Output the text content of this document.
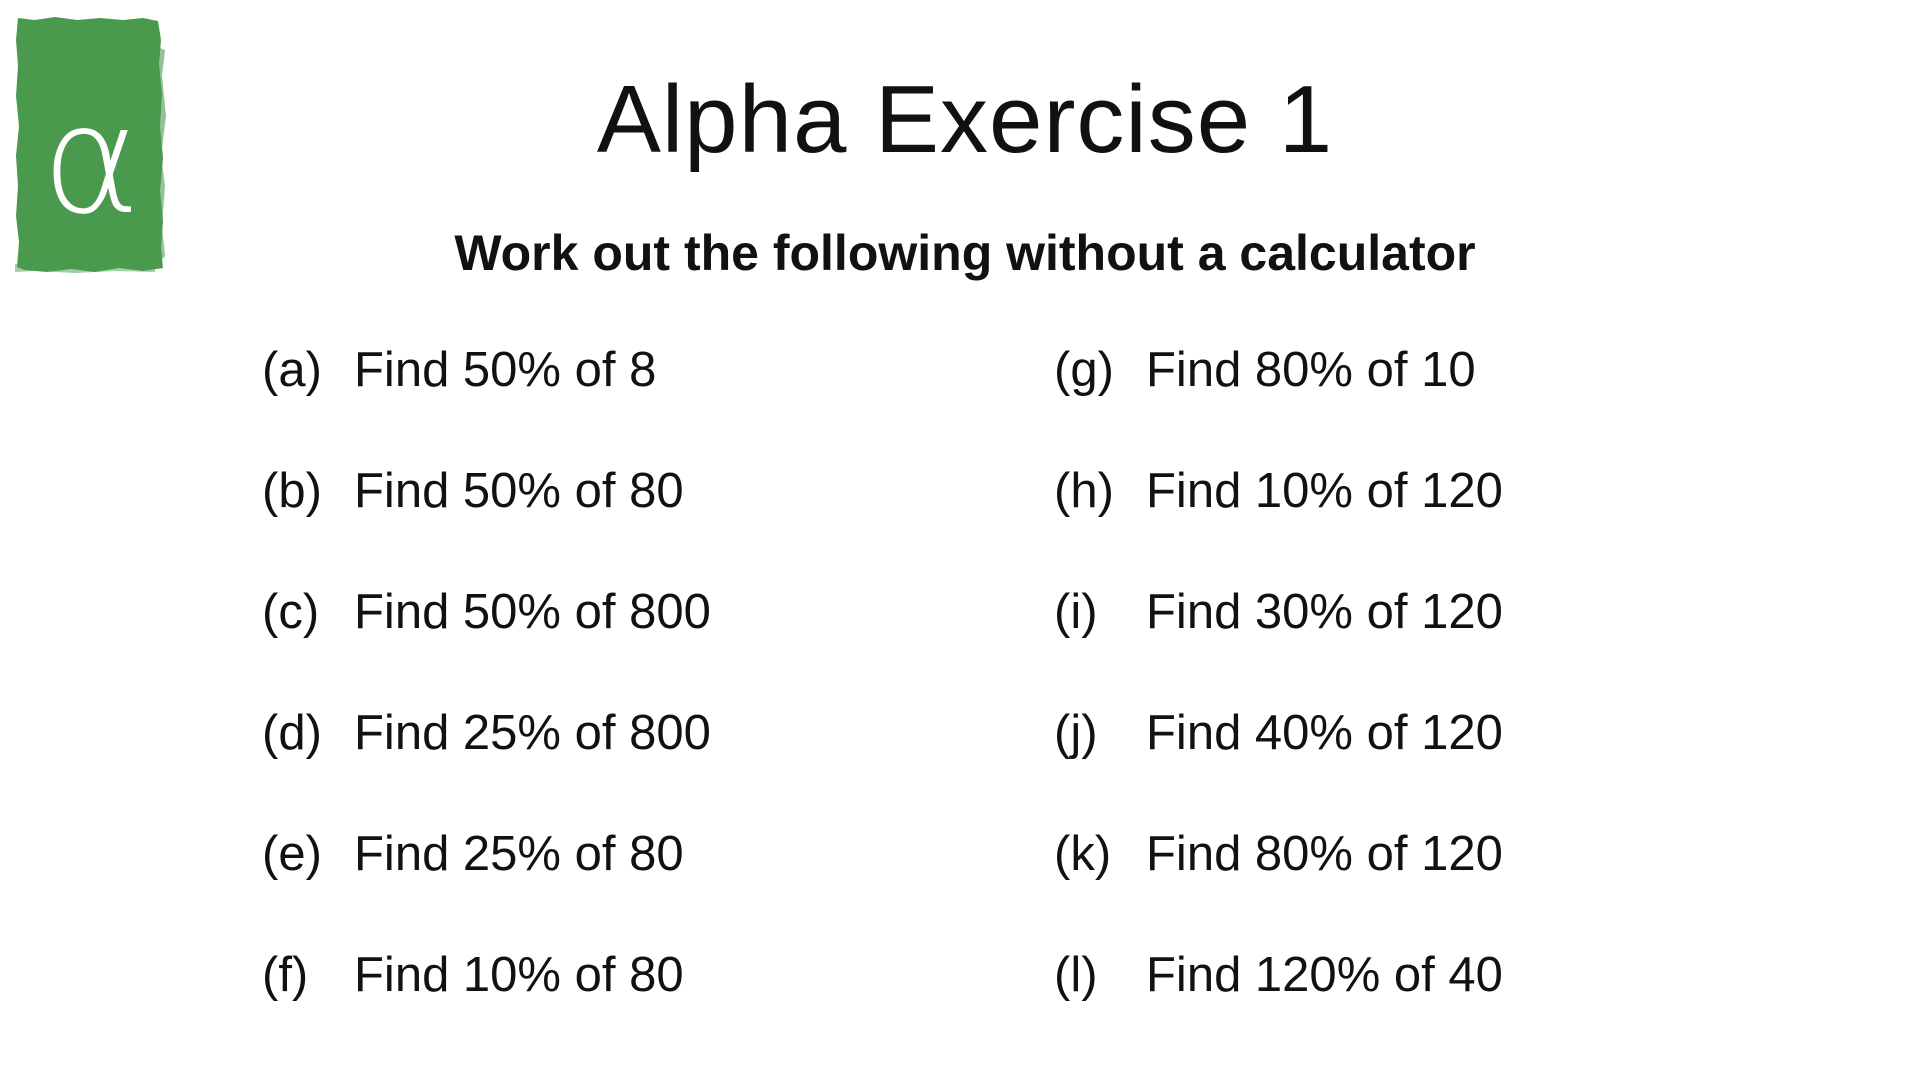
α	Alpha Exercise 1
Work out the following without a calculator
(a) Find 50% of 8
(b) Find 50% of 80
(c) Find 50% of 800
(d) Find 25% of 800
(e) Find 25% of 80
(f) Find 10% of 80
(g) Find 80% of 10
(h) Find 10% of 120
(i) Find 30% of 120
(j) Find 40% of 120
(k) Find 80% of 120
(l) Find 120% of 40
